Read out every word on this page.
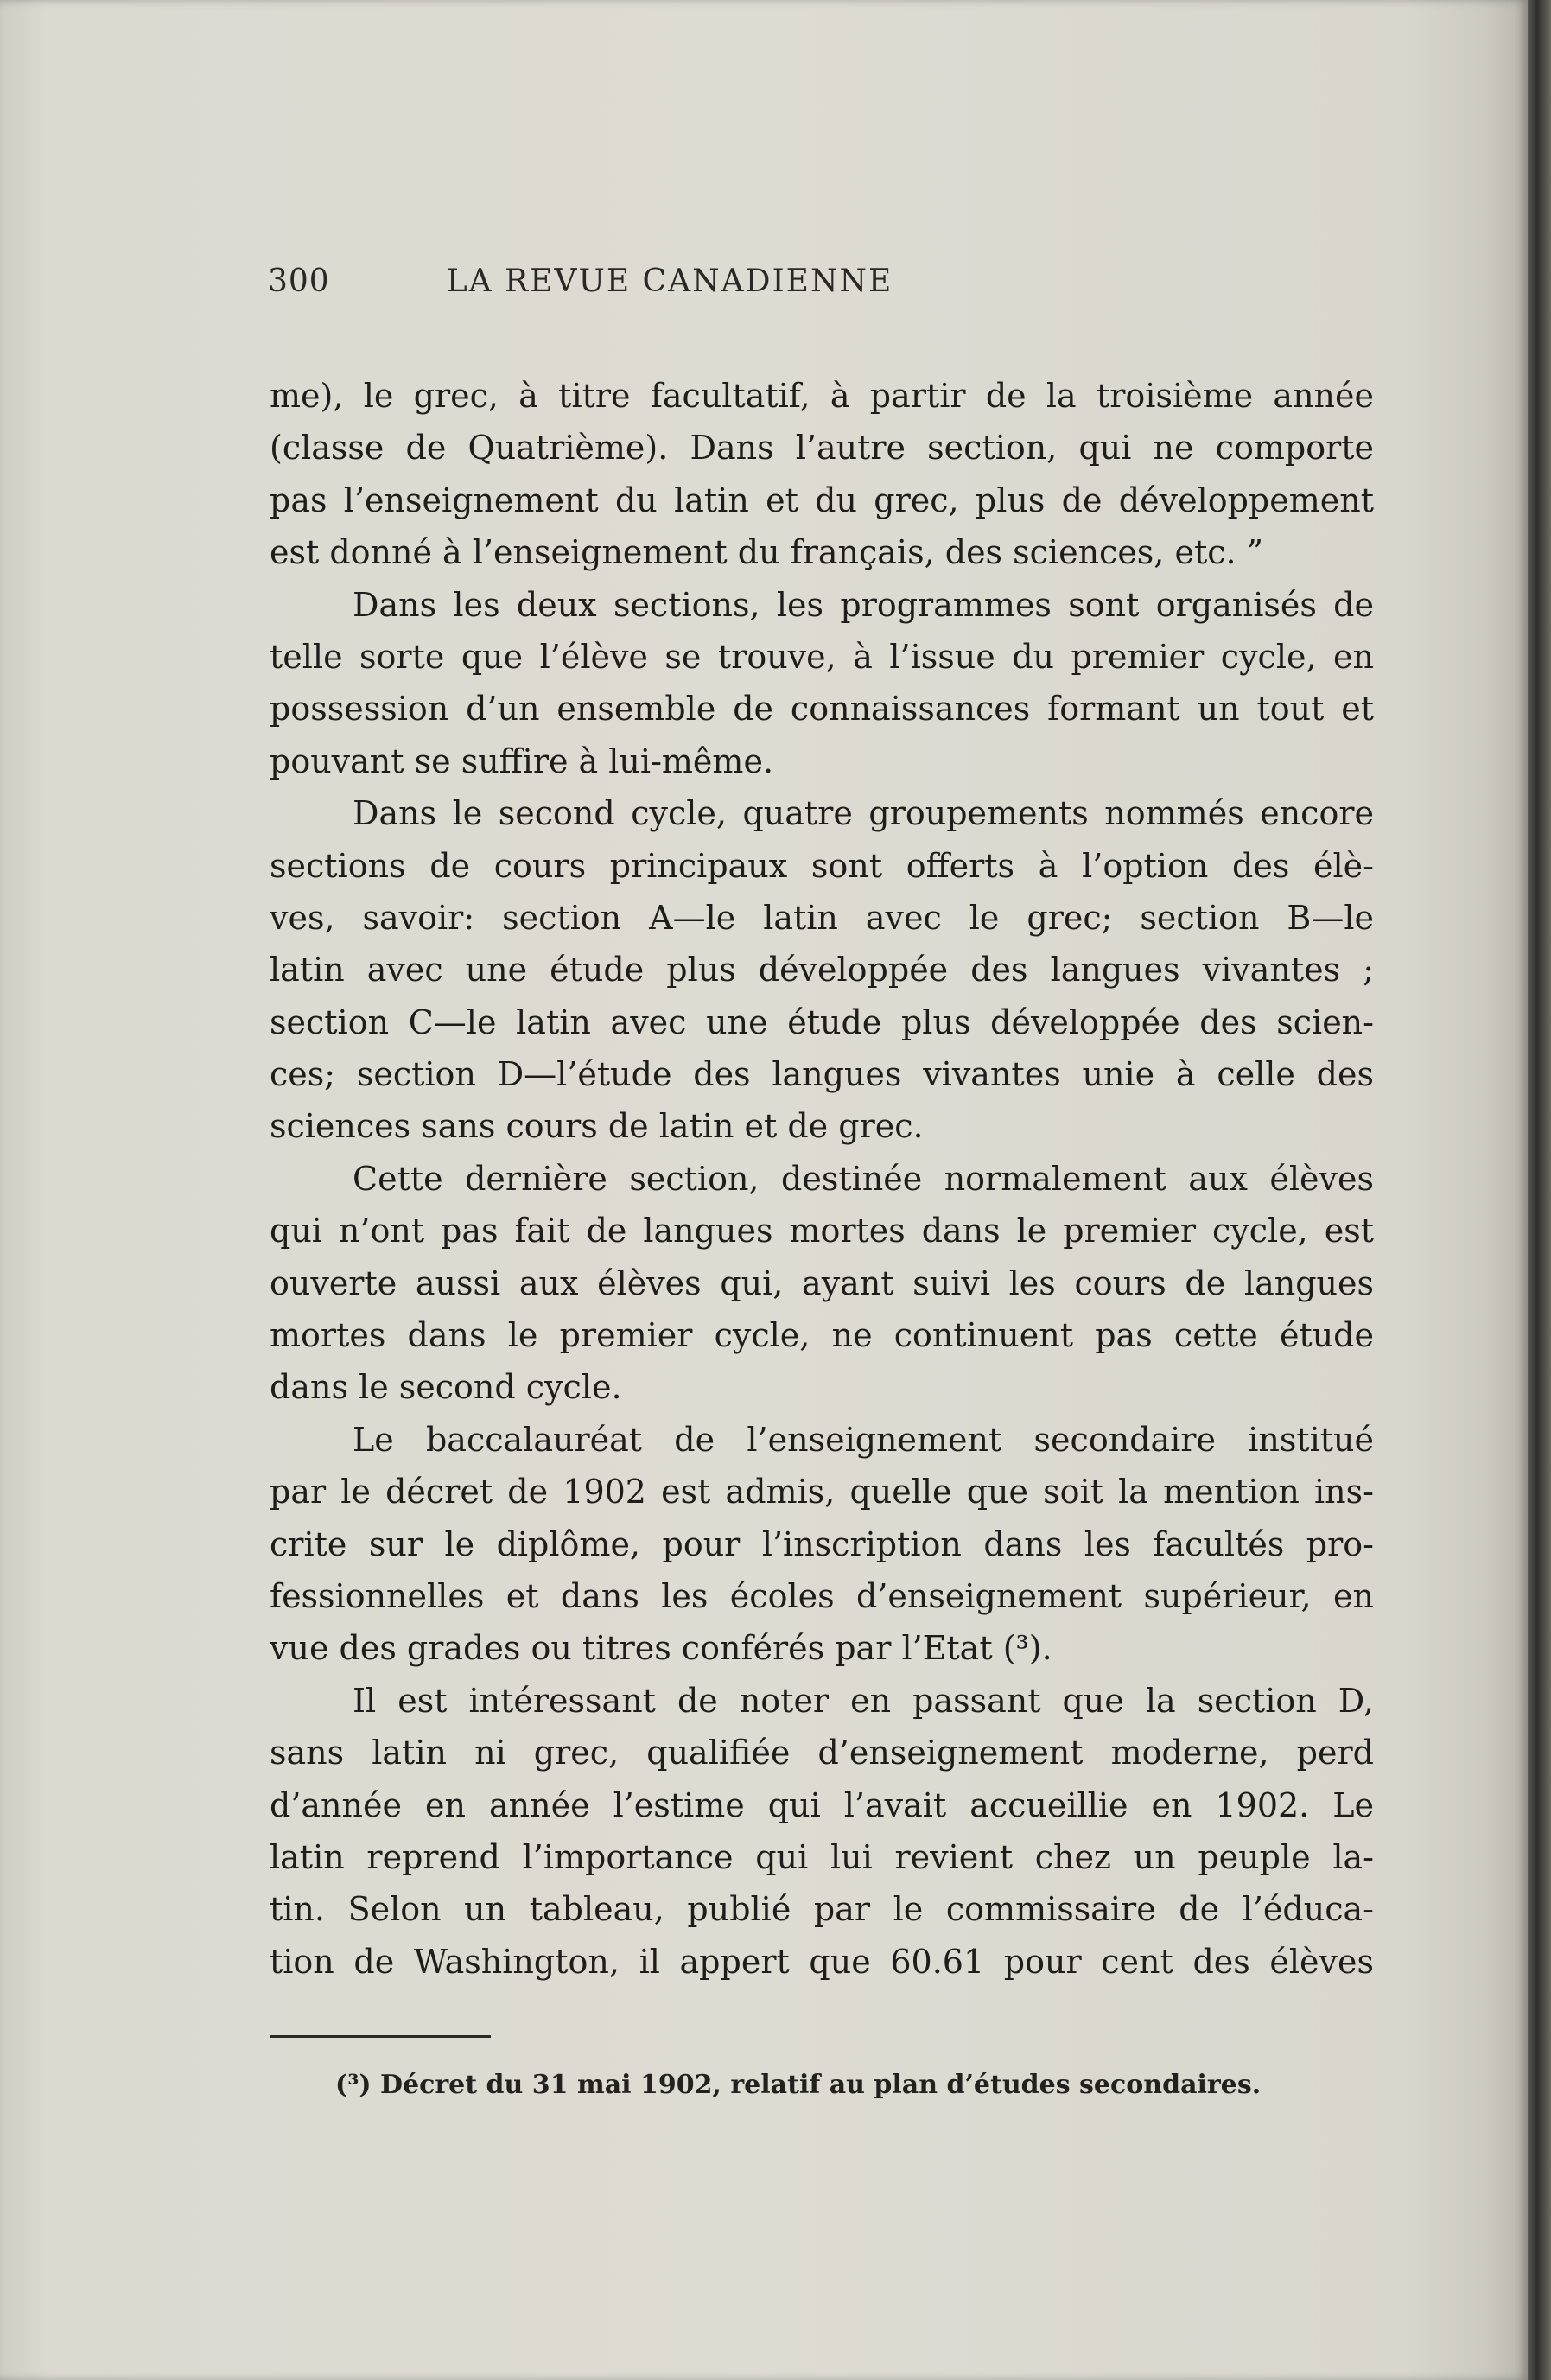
300	LA REVUE CANADIENNE
me), le grec, à titre facultatif, à partir de la troisième année
(classe de Quatrième). Dans l’autre section, qui ne comporte
pas l’enseignement du latin et du grec, plus de développement
est donné à l’enseignement du français, des sciences, etc. ”
Dans les deux sections, les programmes sont organisés de
telle sorte que l’élève se trouve, à l’issue du premier cycle, en
possession d’un ensemble de connaissances formant un tout et
pouvant se suffire à lui-même.
Dans le second cycle, quatre groupements nommés encore
sections de cours principaux sont offerts à l’option des élè-
ves, savoir: section A—le latin avec le grec; section B—le
latin avec une étude plus développée des langues vivantes ;
section C—le latin avec une étude plus développée des scien-
ces; section D—l’étude des langues vivantes unie à celle des
sciences sans cours de latin et de grec.
Cette dernière section, destinée normalement aux élèves
qui n’ont pas fait de langues mortes dans le premier cycle, est
ouverte aussi aux élèves qui, ayant suivi les cours de langues
mortes dans le premier cycle, ne continuent pas cette étude
dans le second cycle.
Le baccalauréat de l’enseignement secondaire institué
par le décret de 1902 est admis, quelle que soit la mention ins-
crite sur le diplôme, pour l’inscription dans les facultés pro-
fessionnelles et dans les écoles d’enseignement supérieur, en
vue des grades ou titres conférés par l’Etat (³).
Il est intéressant de noter en passant que la section D,
sans latin ni grec, qualifiée d’enseignement moderne, perd
d’année en année l’estime qui l’avait accueillie en 1902. Le
latin reprend l’importance qui lui revient chez un peuple la-
tin. Selon un tableau, publié par le commissaire de l’éduca-
tion de Washington, il appert que 60.61 pour cent des élèves
(³) Décret du 31 mai 1902, relatif au plan d’études secondaires.
